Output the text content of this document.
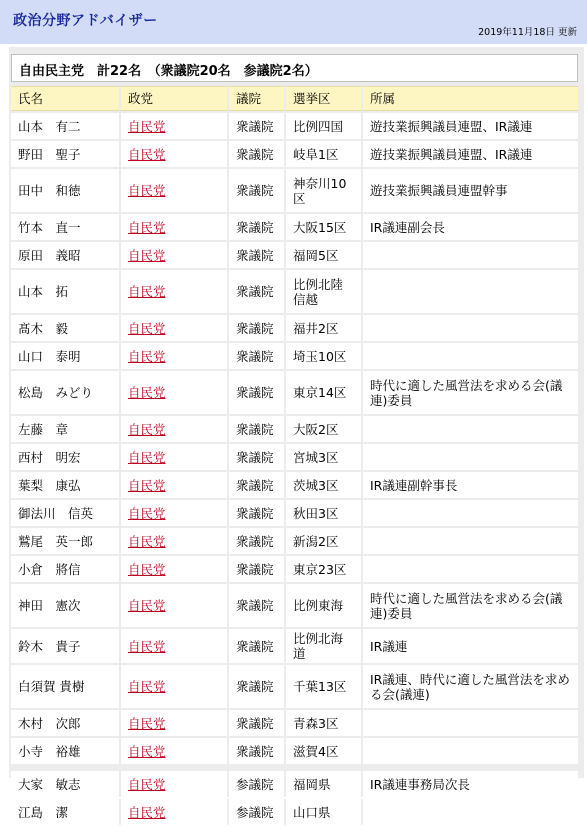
政治分野アドバイザー
2019年11月18日 更新
自由民主党　計22名　（衆議院20名　参議院2名）
氏名	政党	議院	選挙区	所属
山本　有二	自民党	衆議院	比例四国	遊技業振興議員連盟、IR議連
野田　聖子	自民党	衆議院	岐阜1区	遊技業振興議員連盟、IR議連
田中　和徳	自民党	衆議院	神奈川10区	遊技業振興議員連盟幹事
竹本　直一	自民党	衆議院	大阪15区	IR議連副会長
原田　義昭	自民党	衆議院	福岡5区	
山本　拓	自民党	衆議院	比例北陸信越	
髙木　毅	自民党	衆議院	福井2区	
山口　泰明	自民党	衆議院	埼玉10区	
松島　みどり	自民党	衆議院	東京14区	時代に適した風営法を求める会(議連)委員
左藤　章	自民党	衆議院	大阪2区	
西村　明宏	自民党	衆議院	宮城3区	
葉梨　康弘	自民党	衆議院	茨城3区	IR議連副幹事長
御法川　信英	自民党	衆議院	秋田3区	
鷲尾　英一郎	自民党	衆議院	新潟2区	
小倉　將信	自民党	衆議院	東京23区	
神田　憲次	自民党	衆議院	比例東海	時代に適した風営法を求める会(議連)委員
鈴木　貴子	自民党	衆議院	比例北海道	IR議連
白須賀 貴樹	自民党	衆議院	千葉13区	IR議連、時代に適した風営法を求める会(議連)
木村　次郎	自民党	衆議院	青森3区	
小寺　裕雄	自民党	衆議院	滋賀4区	

大家　敏志	自民党	参議院	福岡県	IR議連事務局次長
江島　潔	自民党	参議院	山口県	
